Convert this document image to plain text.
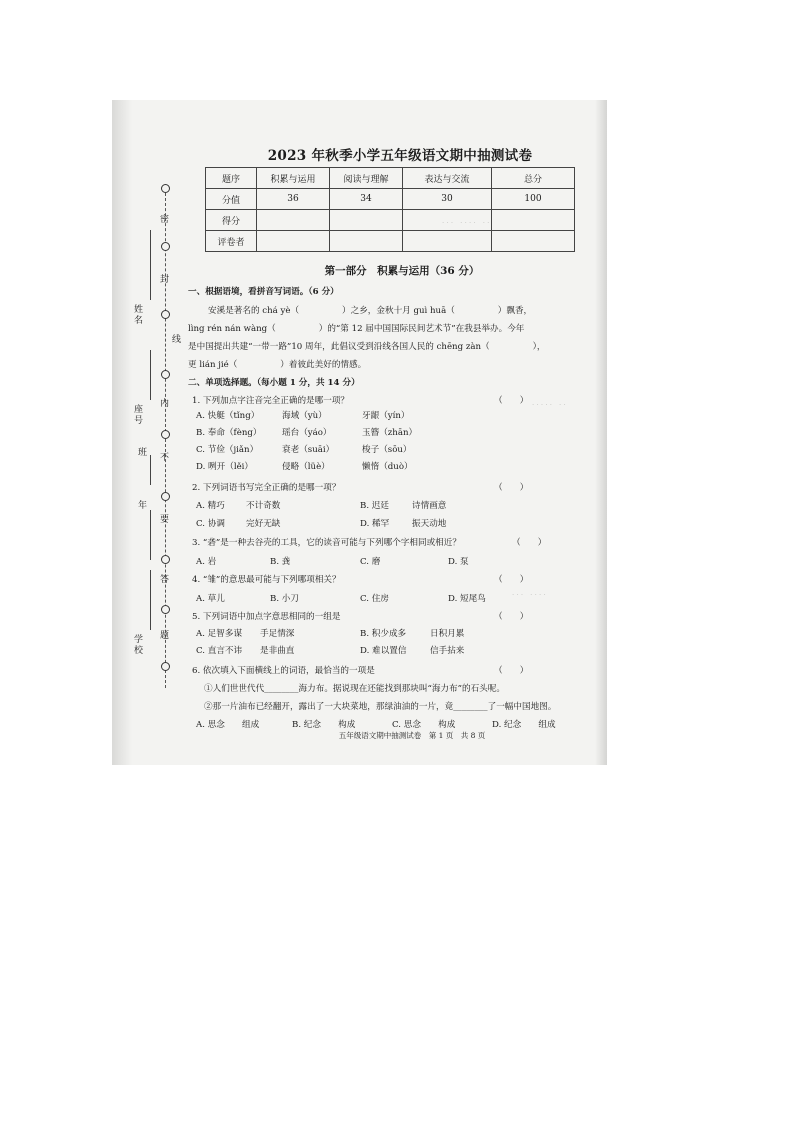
· · ·　· · · ·　· ·
· · · · ·　· ·
· · ·　· · · ·
密
封
线
内
不
要
答
题
姓名
座号
班
年
学校
2023 年秋季小学五年级语文期中抽测试卷
题序	积累与运用	阅读与理解	表达与交流	总分
分值	36	34	30	100
得分				
评卷者				
第一部分　积累与运用（36 分）
一、根据语境，看拼音写词语。（6 分）
安溪是著名的 chá yè（　　　　　）之乡，金秋十月 guì huā（　　　　　）飘香，
lìng rén nán wàng（　　　　　）的“第 12 届中国国际民间艺术节”在我县举办。今年
是中国提出共建“一带一路”10 周年，此倡议受到沿线各国人民的 chēng zàn（　　　　　），
更 lián jié（　　　　　）着彼此美好的情感。
二、单项选择题。（每小题 1 分，共 14 分）
1. 下列加点字注音完全正确的是哪一项？	（　　）
A. 快艇（tǐng）	海域（yù）	牙龈（yín）
B. 奉命（fèng） 瑶台（yáo）	玉簪（zhān）
C. 节俭（jiǎn）	衰老（suāi）	梭子（sōu）
D. 咧开（lěi）	侵略（lüè）	懒惰（duò）
2. 下列词语书写完全正确的是哪一项？	（　　）
A. 精巧 不计奇数	B. 迟廷	诗情画意
C. 协调 完好无缺	D. 稀罕	振天动地
3. “砻”是一种去谷壳的工具，它的读音可能与下列哪个字相同或相近？	（　　）
A. 岩	B. 龚	C. 磨	D. 泵
4. “雏”的意思最可能与下列哪项相关？	（　　）
A. 草儿	B. 小刀	C. 住房	D. 短尾鸟
5. 下列词语中加点字意思相同的一组是	（　　）
A. 足智多谋 手足情深	B. 积少成多	日积月累
C. 直言不讳 是非曲直	D. 难以置信	信手拈来
6. 依次填入下面横线上的词语，最恰当的一项是	（　　）
①人们世世代代________海力布。据说现在还能找到那块叫“海力布”的石头呢。
②那一片油布已经翻开，露出了一大块菜地，那绿油油的一片，竟________了一幅中国地图。
A. 思念　　组成	B. 纪念　　构成	C. 思念　　构成	D. 纪念　　组成
五年级语文期中抽测试卷　第 1 页　共 8 页
